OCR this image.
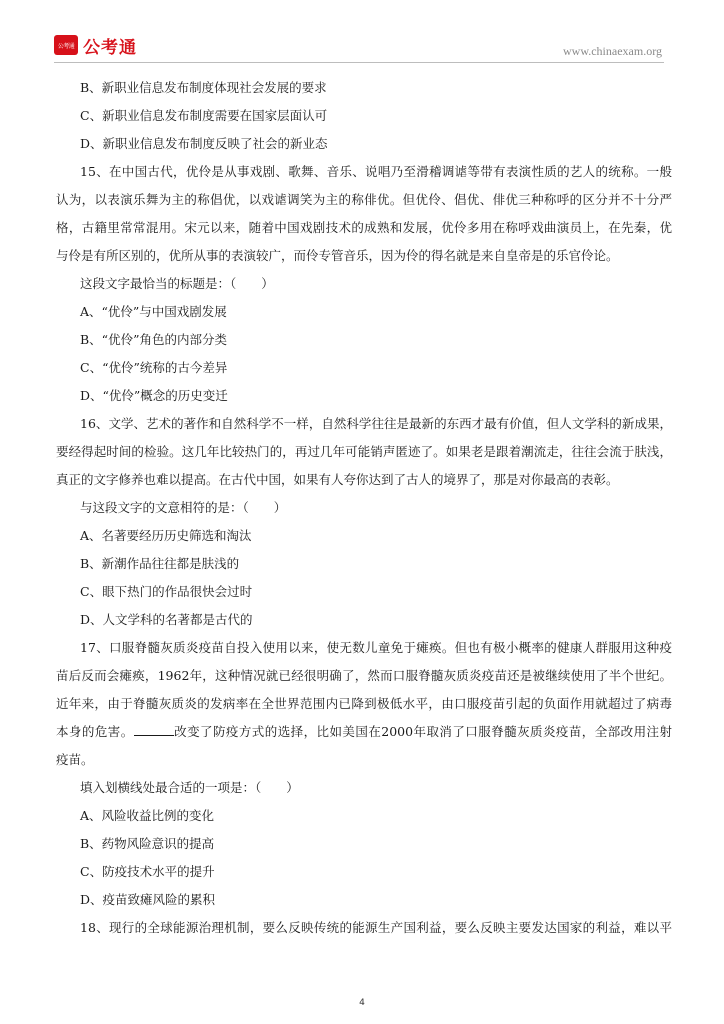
公考通 公考通	www.chinaexam.org
B、新职业信息发布制度体现社会发展的要求
C、新职业信息发布制度需要在国家层面认可
D、新职业信息发布制度反映了社会的新业态
15、在中国古代，优伶是从事戏剧、歌舞、音乐、说唱乃至滑稽调谑等带有表演性质的艺人的统称。一般
认为，以表演乐舞为主的称倡优，以戏谑调笑为主的称俳优。但优伶、倡优、俳优三种称呼的区分并不十分严
格，古籍里常常混用。宋元以来，随着中国戏剧技术的成熟和发展，优伶多用在称呼戏曲演员上，在先秦，优
与伶是有所区别的，优所从事的表演较广，而伶专管音乐，因为伶的得名就是来自皇帝是的乐官伶论。
这段文字最恰当的标题是：（　　）
A、“优伶”与中国戏剧发展
B、“优伶”角色的内部分类
C、“优伶”统称的古今差异
D、“优伶”概念的历史变迁
16、文学、艺术的著作和自然科学不一样，自然科学往往是最新的东西才最有价值，但人文学科的新成果，
要经得起时间的检验。这几年比较热门的，再过几年可能销声匿迹了。如果老是跟着潮流走，往往会流于肤浅，
真正的文字修养也难以提高。在古代中国，如果有人夸你达到了古人的境界了，那是对你最高的表彰。
与这段文字的文意相符的是：（　　）
A、名著要经历历史筛选和淘汰
B、新潮作品往往都是肤浅的
C、眼下热门的作品很快会过时
D、人文学科的名著都是古代的
17、口服脊髓灰质炎疫苗自投入使用以来，使无数儿童免于瘫痪。但也有极小概率的健康人群服用这种疫
苗后反而会瘫痪，1962年，这种情况就已经很明确了，然而口服脊髓灰质炎疫苗还是被继续使用了半个世纪。
近年来，由于脊髓灰质炎的发病率在全世界范围内已降到极低水平，由口服疫苗引起的负面作用就超过了病毒
本身的危害。	改变了防疫方式的选择，比如美国在2000年取消了口服脊髓灰质炎疫苗，全部改用注射
疫苗。
填入划横线处最合适的一项是：（　　）
A、风险收益比例的变化
B、药物风险意识的提高
C、防疫技术水平的提升
D、疫苗致瘫风险的累积
18、现行的全球能源治理机制，要么反映传统的能源生产国利益，要么反映主要发达国家的利益，难以平
4
